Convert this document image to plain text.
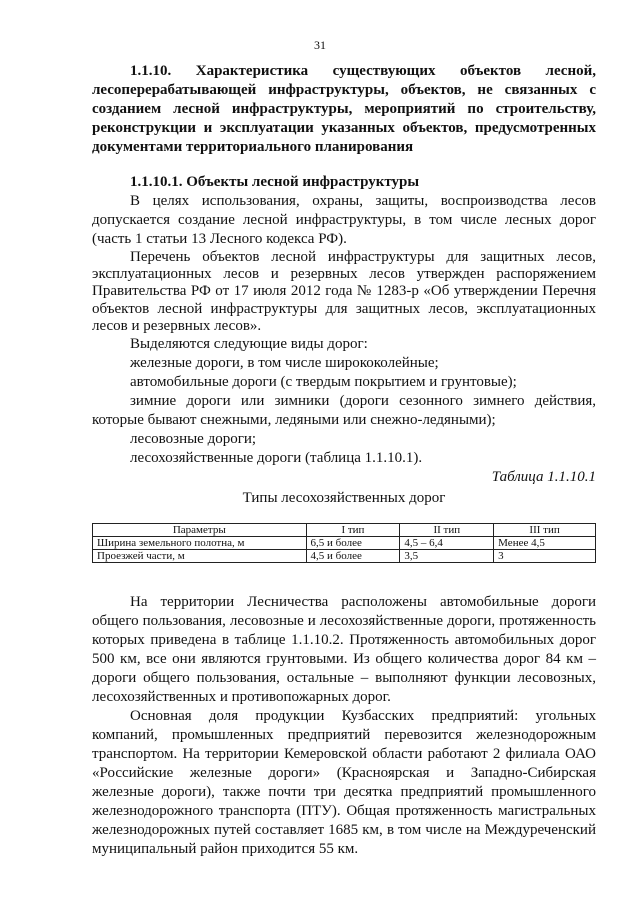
31

1.1.10. Характеристика существующих объектов лесной, лесоперерабатывающей инфраструктуры, объектов, не связанных с созданием лесной инфраструктуры, мероприятий по строительству, реконструкции и эксплуатации указанных объектов, предусмотренных документами территориального планирования

1.1.10.1. Объекты лесной инфраструктуры

В целях использования, охраны, защиты, воспроизводства лесов допускается создание лесной инфраструктуры, в том числе лесных дорог (часть 1 статьи 13 Лесного кодекса РФ).

Перечень объектов лесной инфраструктуры для защитных лесов, эксплуатационных лесов и резервных лесов утвержден распоряжением Правительства РФ от 17 июля 2012 года № 1283-р «Об утверждении Перечня объектов лесной инфраструктуры для защитных лесов, эксплуатационных лесов и резервных лесов».

Выделяются следующие виды дорог:

железные дороги, в том числе ширококолейные;

автомобильные дороги (с твердым покрытием и грунтовые);

зимние дороги или зимники (дороги сезонного зимнего действия, которые бывают снежными, ледяными или снежно-ледяными);

лесовозные дороги;

лесохозяйственные дороги (таблица 1.1.10.1).

Таблица 1.1.10.1

Типы лесохозяйственных дорог

Параметры	I тип	II тип	III тип
Ширина земельного полотна, м	6,5 и более	4,5 – 6,4	Менее 4,5
Проезжей части, м	4,5 и более	3,5	3

На территории Лесничества расположены автомобильные дороги общего пользования, лесовозные и лесохозяйственные дороги, протяженность которых приведена в таблице 1.1.10.2. Протяженность автомобильных дорог 500 км, все они являются грунтовыми. Из общего количества дорог 84 км – дороги общего пользования, остальные – выполняют функции лесовозных, лесохозяйственных и противопожарных дорог.

Основная доля продукции Кузбасских предприятий: угольных компаний, промышленных предприятий перевозится железнодорожным транспортом. На территории Кемеровской области работают 2 филиала ОАО «Российские железные дороги» (Красноярская и Западно-Сибирская железные дороги), также почти три десятка предприятий промышленного железнодорожного транспорта (ПТУ). Общая протяженность магистральных железнодорожных путей составляет 1685 км, в том числе на Междуреченский муниципальный район приходится 55 км.
